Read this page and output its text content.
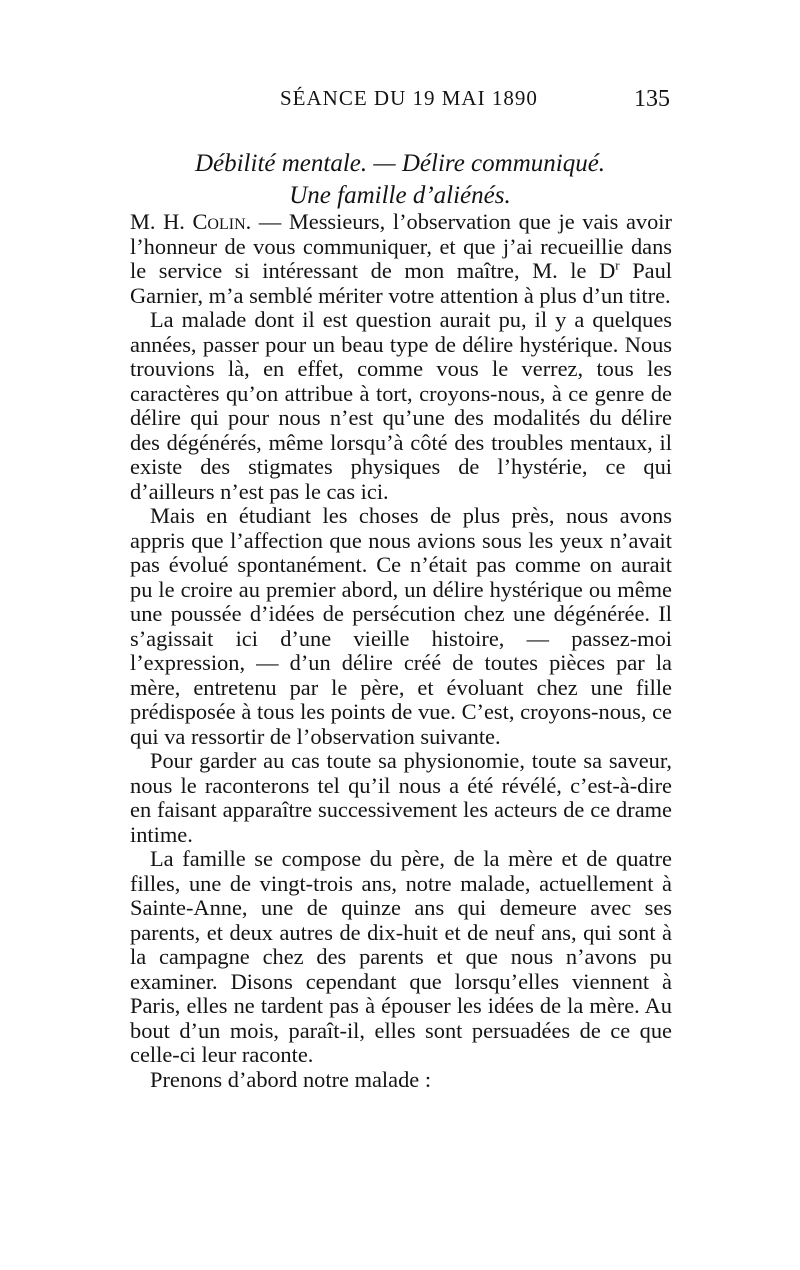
SÉANCE DU 19 MAI 1890	135
Débilité mentale. — Délire communiqué.
Une famille d’aliénés.

M. H. Colin. — Messieurs, l’observation que je vais avoir l’honneur de vous communiquer, et que j’ai recueillie dans le service si intéressant de mon maître, M. le $D^r$ Paul Garnier, m’a semblé mériter votre attention à plus d’un titre.

La malade dont il est question aurait pu, il y a quelques années, passer pour un beau type de délire hystérique. Nous trouvions là, en effet, comme vous le verrez, tous les caractères qu’on attribue à tort, croyons-nous, à ce genre de délire qui pour nous n’est qu’une des modalités du délire des dégénérés, même lorsqu’à côté des troubles mentaux, il existe des stigmates physiques de l’hystérie, ce qui d’ailleurs n’est pas le cas ici.

Mais en étudiant les choses de plus près, nous avons appris que l’affection que nous avions sous les yeux n’avait pas évolué spontanément. Ce n’était pas comme on aurait pu le croire au premier abord, un délire hystérique ou même une poussée d’idées de persécution chez une dégénérée. Il s’agissait ici d’une vieille histoire, — passez-moi l’expression, — d’un délire créé de toutes pièces par la mère, entretenu par le père, et évoluant chez une fille prédisposée à tous les points de vue. C’est, croyons-nous, ce qui va ressortir de l’observation suivante.

Pour garder au cas toute sa physionomie, toute sa saveur, nous le raconterons tel qu’il nous a été révélé, c’est-à-dire en faisant apparaître successivement les acteurs de ce drame intime.

La famille se compose du père, de la mère et de quatre filles, une de vingt-trois ans, notre malade, actuellement à Sainte-Anne, une de quinze ans qui demeure avec ses parents, et deux autres de dix-huit et de neuf ans, qui sont à la campagne chez des parents et que nous n’avons pu examiner. Disons cependant que lorsqu’elles viennent à Paris, elles ne tardent pas à épouser les idées de la mère. Au bout d’un mois, paraît-il, elles sont persuadées de ce que celle-ci leur raconte.

Prenons d’abord notre malade :
